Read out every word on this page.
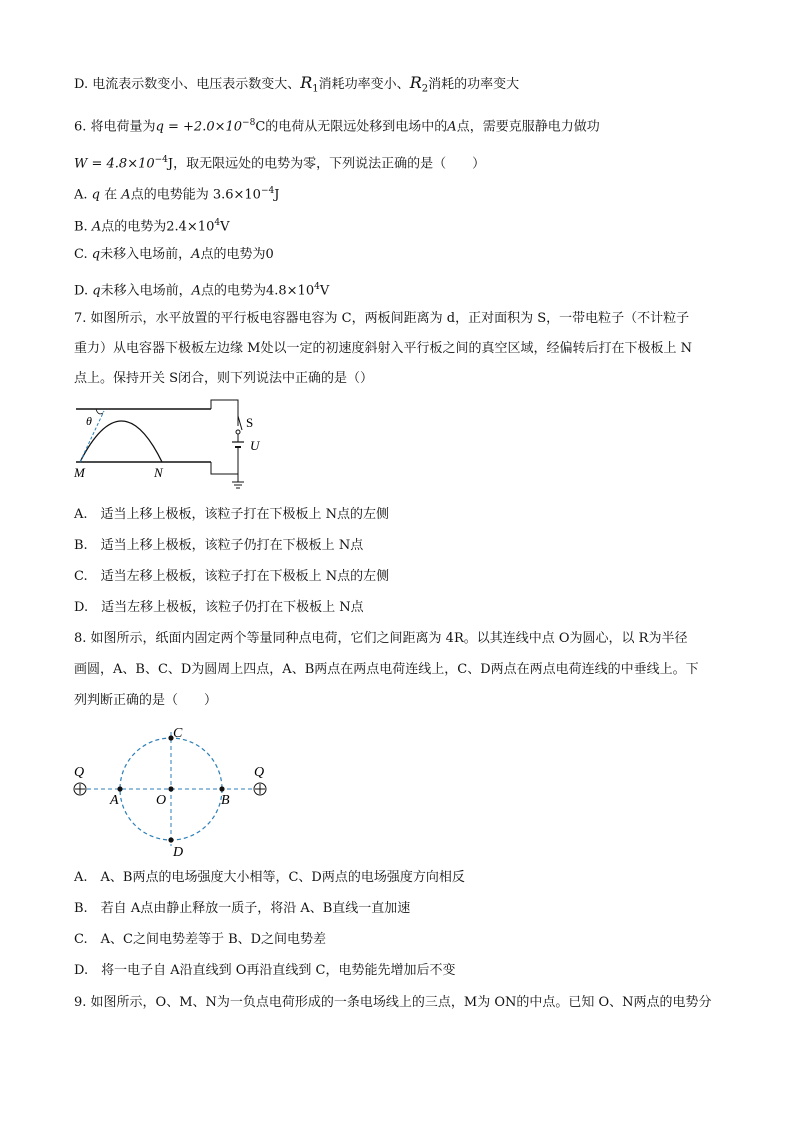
D. 电流表示数变小、电压表示数变大、$R_1$消耗功率变小、$R_2$消耗的功率变大
6. 将电荷量为$q = +2.0\times 10^{-8}C$的电荷从无限远处移到电场中的A点，需要克服静电力做功
$W = 4.8\times 10^{-4}J$，取无限远处的电势为零，下列说法正确的是（　　）
A. q 在 A点的电势能为 $3.6\times 10^{-4}J$
B. A点的电势为$2.4\times 10^4V$
C. q未移入电场前，A点的电势为0
D. q未移入电场前，A点的电势为$4.8\times 10^4V$
7. 如图所示，水平放置的平行板电容器电容为 C，两板间距离为 d，正对面积为 S，一带电粒子（不计粒子
重力）从电容器下极板左边缘 M处以一定的初速度斜射入平行板之间的真空区域，经偏转后打在下极板上 N
点上。保持开关 S闭合，则下列说法中正确的是（）
θ
M	N
S
U
A.　适当上移上极板，该粒子打在下极板上 N点的左侧
B.　适当上移上极板，该粒子仍打在下极板上 N点
C.　适当左移上极板，该粒子打在下极板上 N点的左侧
D.　适当左移上极板，该粒子仍打在下极板上 N点
8. 如图所示，纸面内固定两个等量同种点电荷，它们之间距离为 4R。以其连线中点 O为圆心，以 R为半径
画圆，A、B、C、D为圆周上四点，A、B两点在两点电荷连线上，C、D两点在两点电荷连线的中垂线上。下
列判断正确的是（　　）
Q	Q
A	O	B
C
D
A.　A、B两点的电场强度大小相等，C、D两点的电场强度方向相反
B.　若自 A点由静止释放一质子，将沿 A、B直线一直加速
C.　A、C之间电势差等于 B、D之间电势差
D.　将一电子自 A沿直线到 O再沿直线到 C，电势能先增加后不变
9. 如图所示，O、M、N为一负点电荷形成的一条电场线上的三点，M为 ON的中点。已知 O、N两点的电势分
